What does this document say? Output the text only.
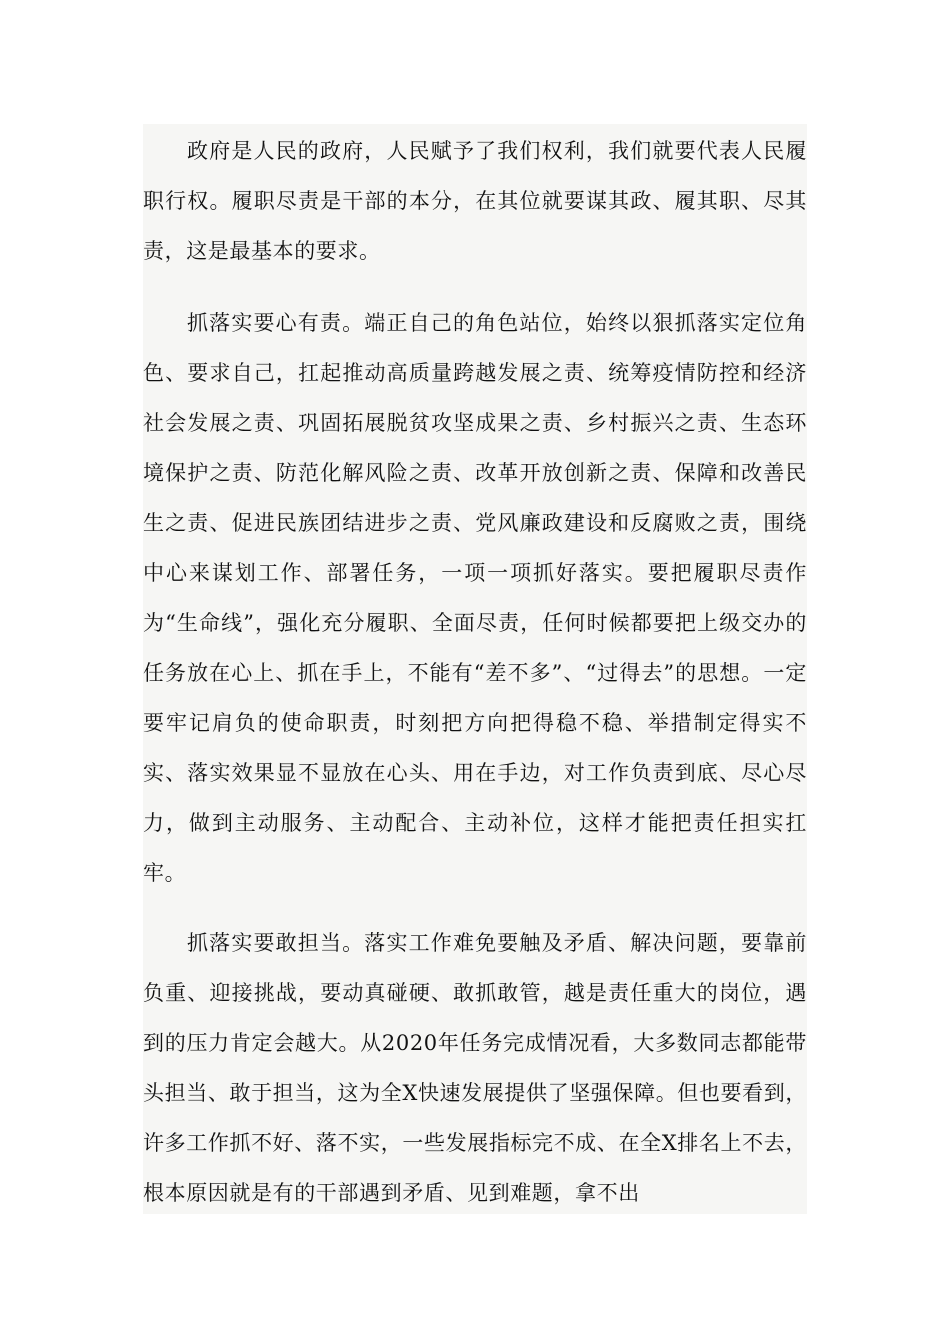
政府是人民的政府，人民赋予了我们权利，我们就要代表人民履职行权。履职尽责是干部的本分，在其位就要谋其政、履其职、尽其责，这是最基本的要求。

抓落实要心有责。端正自己的角色站位，始终以狠抓落实定位角色、要求自己，扛起推动高质量跨越发展之责、统筹疫情防控和经济社会发展之责、巩固拓展脱贫攻坚成果之责、乡村振兴之责、生态环境保护之责、防范化解风险之责、改革开放创新之责、保障和改善民生之责、促进民族团结进步之责、党风廉政建设和反腐败之责，围绕中心来谋划工作、部署任务，一项一项抓好落实。要把履职尽责作为“生命线”，强化充分履职、全面尽责，任何时候都要把上级交办的任务放在心上、抓在手上，不能有“差不多”、“过得去”的思想。一定要牢记肩负的使命职责，时刻把方向把得稳不稳、举措制定得实不实、落实效果显不显放在心头、用在手边，对工作负责到底、尽心尽力，做到主动服务、主动配合、主动补位，这样才能把责任担实扛牢。

抓落实要敢担当。落实工作难免要触及矛盾、解决问题，要靠前负重、迎接挑战，要动真碰硬、敢抓敢管，越是责任重大的岗位，遇到的压力肯定会越大。从2020年任务完成情况看，大多数同志都能带头担当、敢于担当，这为全X快速发展提供了坚强保障。但也要看到，许多工作抓不好、落不实，一些发展指标完不成、在全X排名上不去，根本原因就是有的干部遇到矛盾、见到难题，拿不出
